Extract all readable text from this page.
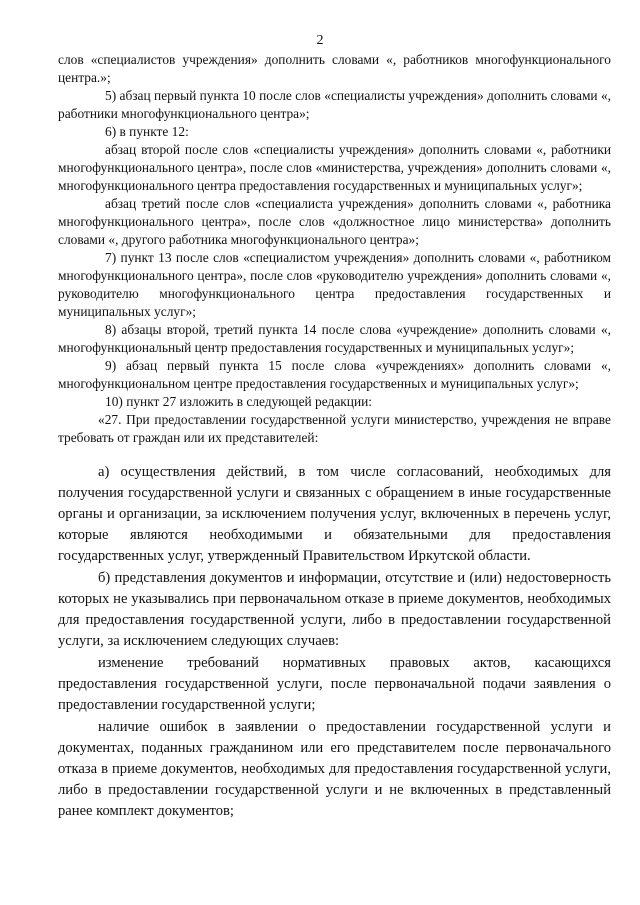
2

слов «специалистов учреждения» дополнить словами «, работников многофункционального центра.»;

5) абзац первый пункта 10 после слов «специалисты учреждения» дополнить словами «, работники многофункционального центра»;

6) в пункте 12:

абзац второй после слов «специалисты учреждения» дополнить словами «, работники многофункционального центра», после слов «министерства, учреждения» дополнить словами «, многофункционального центра предоставления государственных и муниципальных услуг»;

абзац третий после слов «специалиста учреждения» дополнить словами «, работника многофункционального центра», после слов «должностное лицо министерства» дополнить словами «, другого работника многофункционального центра»;

7) пункт 13 после слов «специалистом учреждения» дополнить словами «, работником многофункционального центра», после слов «руководителю учреждения» дополнить словами «, руководителю многофункционального центра предоставления государственных и муниципальных услуг»;

8) абзацы второй, третий пункта 14 после слова «учреждение» дополнить словами «, многофункциональный центр предоставления государственных и муниципальных услуг»;

9) абзац первый пункта 15 после слова «учреждениях» дополнить словами «, многофункциональном центре предоставления государственных и муниципальных услуг»;

10) пункт 27 изложить в следующей редакции:

«27. При предоставлении государственной услуги министерство, учреждения не вправе требовать от граждан или их представителей:

а) осуществления действий, в том числе согласований, необходимых для получения государственной услуги и связанных с обращением в иные государственные органы и организации, за исключением получения услуг, включенных в перечень услуг, которые являются необходимыми и обязательными для предоставления государственных услуг, утвержденный Правительством Иркутской области.

б) представления документов и информации, отсутствие и (или) недостоверность которых не указывались при первоначальном отказе в приеме документов, необходимых для предоставления государственной услуги, либо в предоставлении государственной услуги, за исключением следующих случаев:

изменение требований нормативных правовых актов, касающихся предоставления государственной услуги, после первоначальной подачи заявления о предоставлении государственной услуги;

наличие ошибок в заявлении о предоставлении государственной услуги и документах, поданных гражданином или его представителем после первоначального отказа в приеме документов, необходимых для предоставления государственной услуги, либо в предоставлении государственной услуги и не включенных в представленный ранее комплект документов;
